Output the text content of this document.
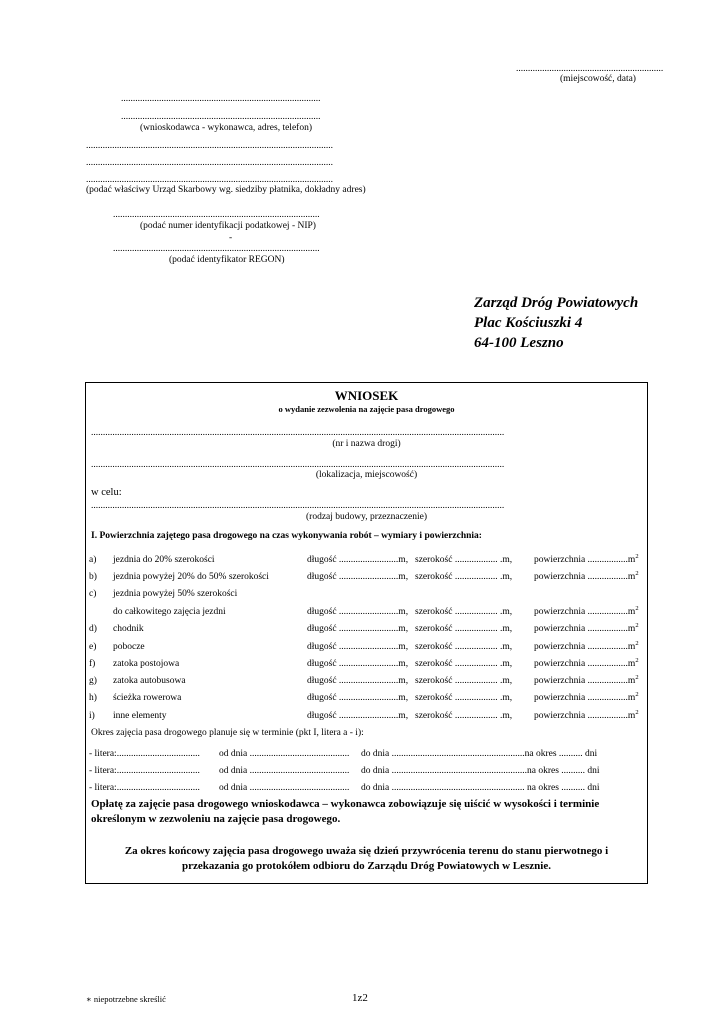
..............................................................
(miejscowość, data)
....................................................................................
....................................................................................
(wnioskodawca - wykonawca, adres, telefon)
........................................................................................................
........................................................................................................
........................................................................................................
(podać właściwy Urząd Skarbowy wg. siedziby płatnika, dokładny adres)
.......................................................................................
(podać numer identyfikacji podatkowej - NIP)
-
.......................................................................................
(podać identyfikator REGON)
Zarząd Dróg Powiatowych
Plac Kościuszki 4
64-100 Leszno
WNIOSEK
o wydanie zezwolenia na zajęcie pasa drogowego
..............................................................................................................................................................................
(nr i nazwa drogi)
..............................................................................................................................................................................
(lokalizacja, miejscowość)
w celu:
..............................................................................................................................................................................
(rodzaj budowy, przeznaczenie)
I. Powierzchnia zajętego pasa drogowego na czas wykonywania robót – wymiary i powierzchnia:
a) jezdnia do 20% szerokości	długość .........................m, szerokość .................. .m, powierzchnia $.................m^2$
b) jezdnia powyżej 20% do 50% szerokości	długość .........................m, szerokość .................. .m, powierzchnia $.................m^2$
c) jezdnia powyżej 50% szerokości
do całkowitego zajęcia jezdni	długość .........................m, szerokość .................. .m, powierzchnia $.................m^2$
d) chodnik	długość .........................m, szerokość .................. .m, powierzchnia $.................m^2$
e) pobocze	długość .........................m, szerokość .................. .m, powierzchnia $.................m^2$
f) zatoka postojowa	długość .........................m, szerokość .................. .m, powierzchnia $.................m^2$
g) zatoka autobusowa	długość .........................m, szerokość .................. .m, powierzchnia $.................m^2$
h) ścieżka rowerowa	długość .........................m, szerokość .................. .m, powierzchnia $.................m^2$
i) inne elementy	długość .........................m, szerokość .................. .m, powierzchnia $.................m^2$
Okres zajęcia pasa drogowego planuje się w terminie (pkt I, litera a - i):
- litera:................................... od dnia .......................................... do dnia ........................................................na okres .......... dni
- litera:................................... od dnia .......................................... do dnia .........................................................na okres .......... dni
- litera:................................... od dnia .......................................... do dnia ........................................................ na okres .......... dni
Opłatę za zajęcie pasa drogowego wnioskodawca – wykonawca zobowiązuje się uiścić w wysokości i terminie
określonym w zezwoleniu na zajęcie pasa drogowego.
Za okres końcowy zajęcia pasa drogowego uważa się dzień przywrócenia terenu do stanu pierwotnego i
przekazania go protokółem odbioru do Zarządu Dróg Powiatowych w Lesznie.
∗ niepotrzebne skreślić	1z2
